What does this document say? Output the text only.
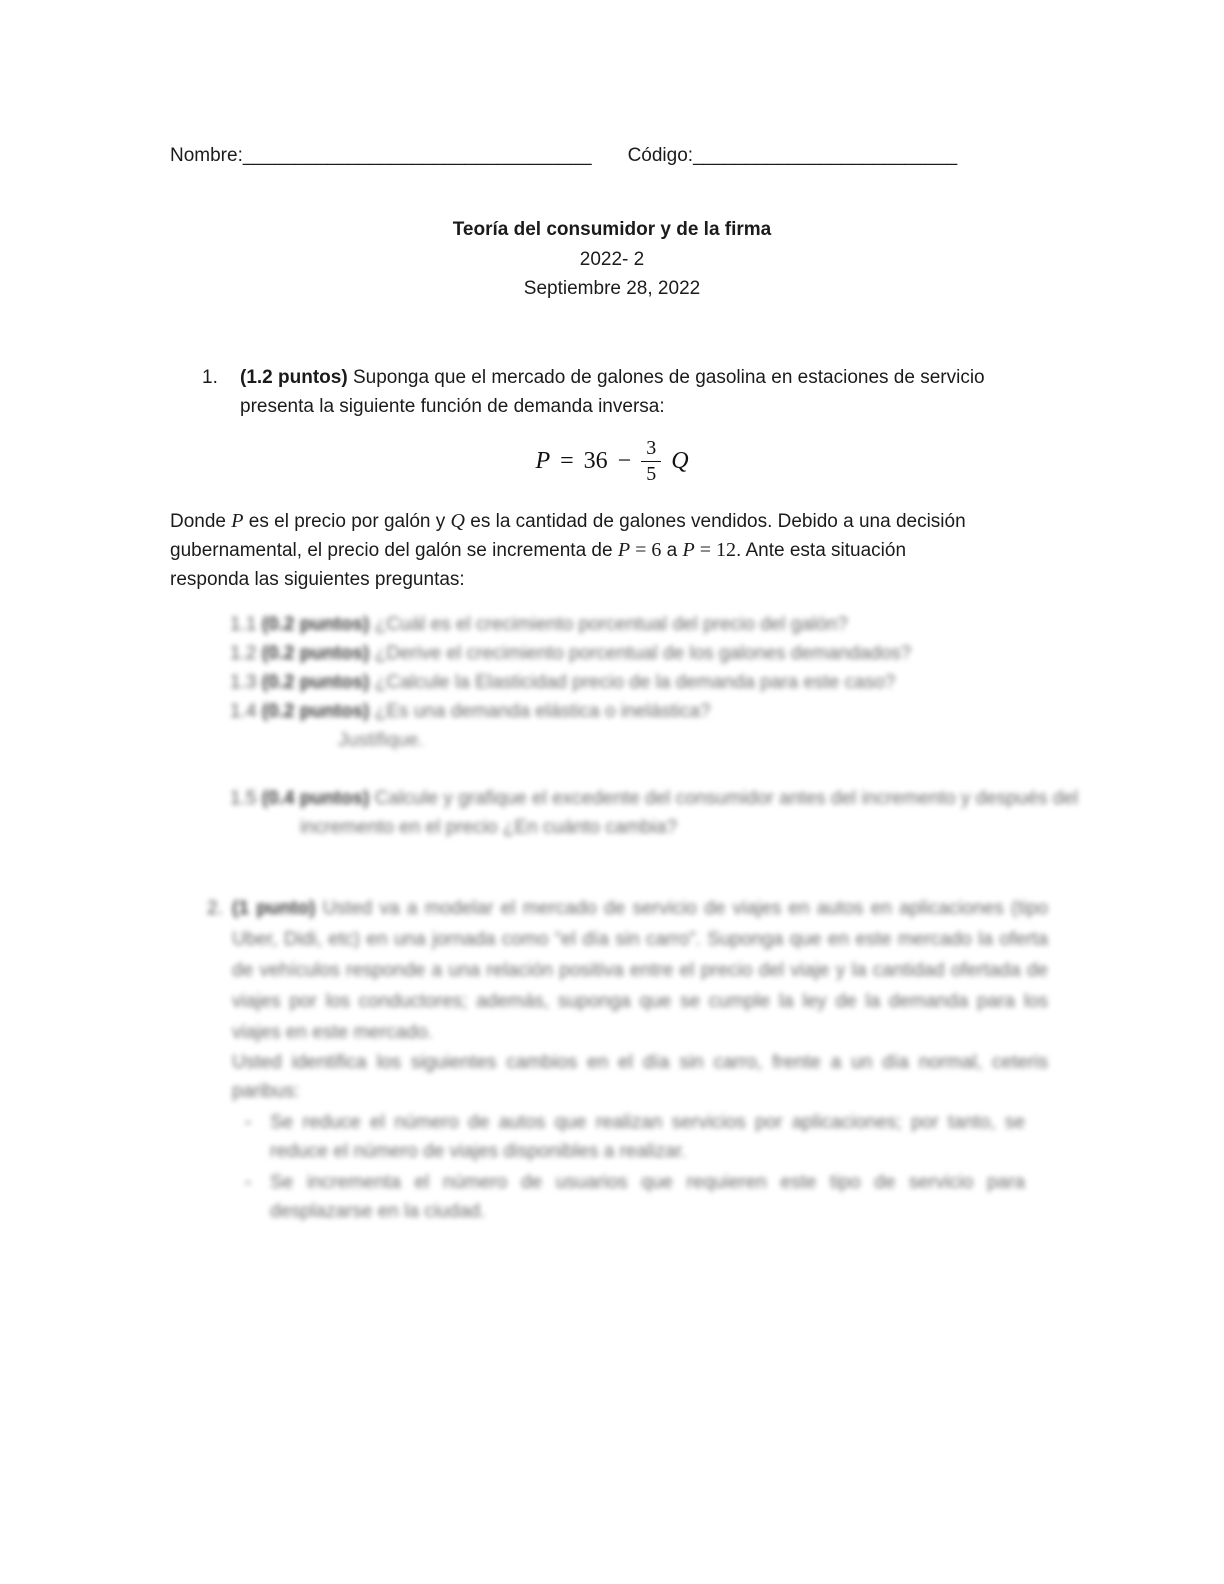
Nombre:_________________________________ Código:_________________________
Teoría del consumidor y de la firma
2022- 2
Septiembre 28, 2022
1.	(1.2 puntos) Suponga que el mercado de galones de gasolina en estaciones de servicio
presenta la siguiente función de demanda inversa:
$P = 36 - \frac{3}{5}$ Q
Donde P es el precio por galón y Q es la cantidad de galones vendidos. Debido a una decisión
gubernamental, el precio del galón se incrementa de P = 6 a P = 12. Ante esta situación
responda las siguientes preguntas:
1.1 (0.2 puntos) ¿Cuál es el crecimiento porcentual del precio del galón?
1.2 (0.2 puntos) ¿Derive el crecimiento porcentual de los galones demandados?
1.3 (0.2 puntos) ¿Calcule la Elasticidad precio de la demanda para este caso?
1.4 (0.2 puntos) ¿Es una demanda elástica o inelástica?
Justifique.
1.5 (0.4 puntos) Calcule y grafique el excedente del consumidor antes del incremento y después del incremento en el precio ¿En cuánto cambia?
2. (1 punto) Usted va a modelar el mercado de servicio de viajes en autos en aplicaciones (tipo Uber, Didi, etc) en una jornada como “el día sin carro”. Suponga que en este mercado la oferta de vehículos responde a una relación positiva entre el precio del viaje y la cantidad ofertada de viajes por los conductores; además, suponga que se cumple la ley de la demanda para los viajes en este mercado.
Usted identifica los siguientes cambios en el día sin carro, frente a un día normal, ceteris paribus:
- Se reduce el número de autos que realizan servicios por aplicaciones; por tanto, se reduce el número de viajes disponibles a realizar.
- Se incrementa el número de usuarios que requieren este tipo de servicio para desplazarse en la ciudad.
